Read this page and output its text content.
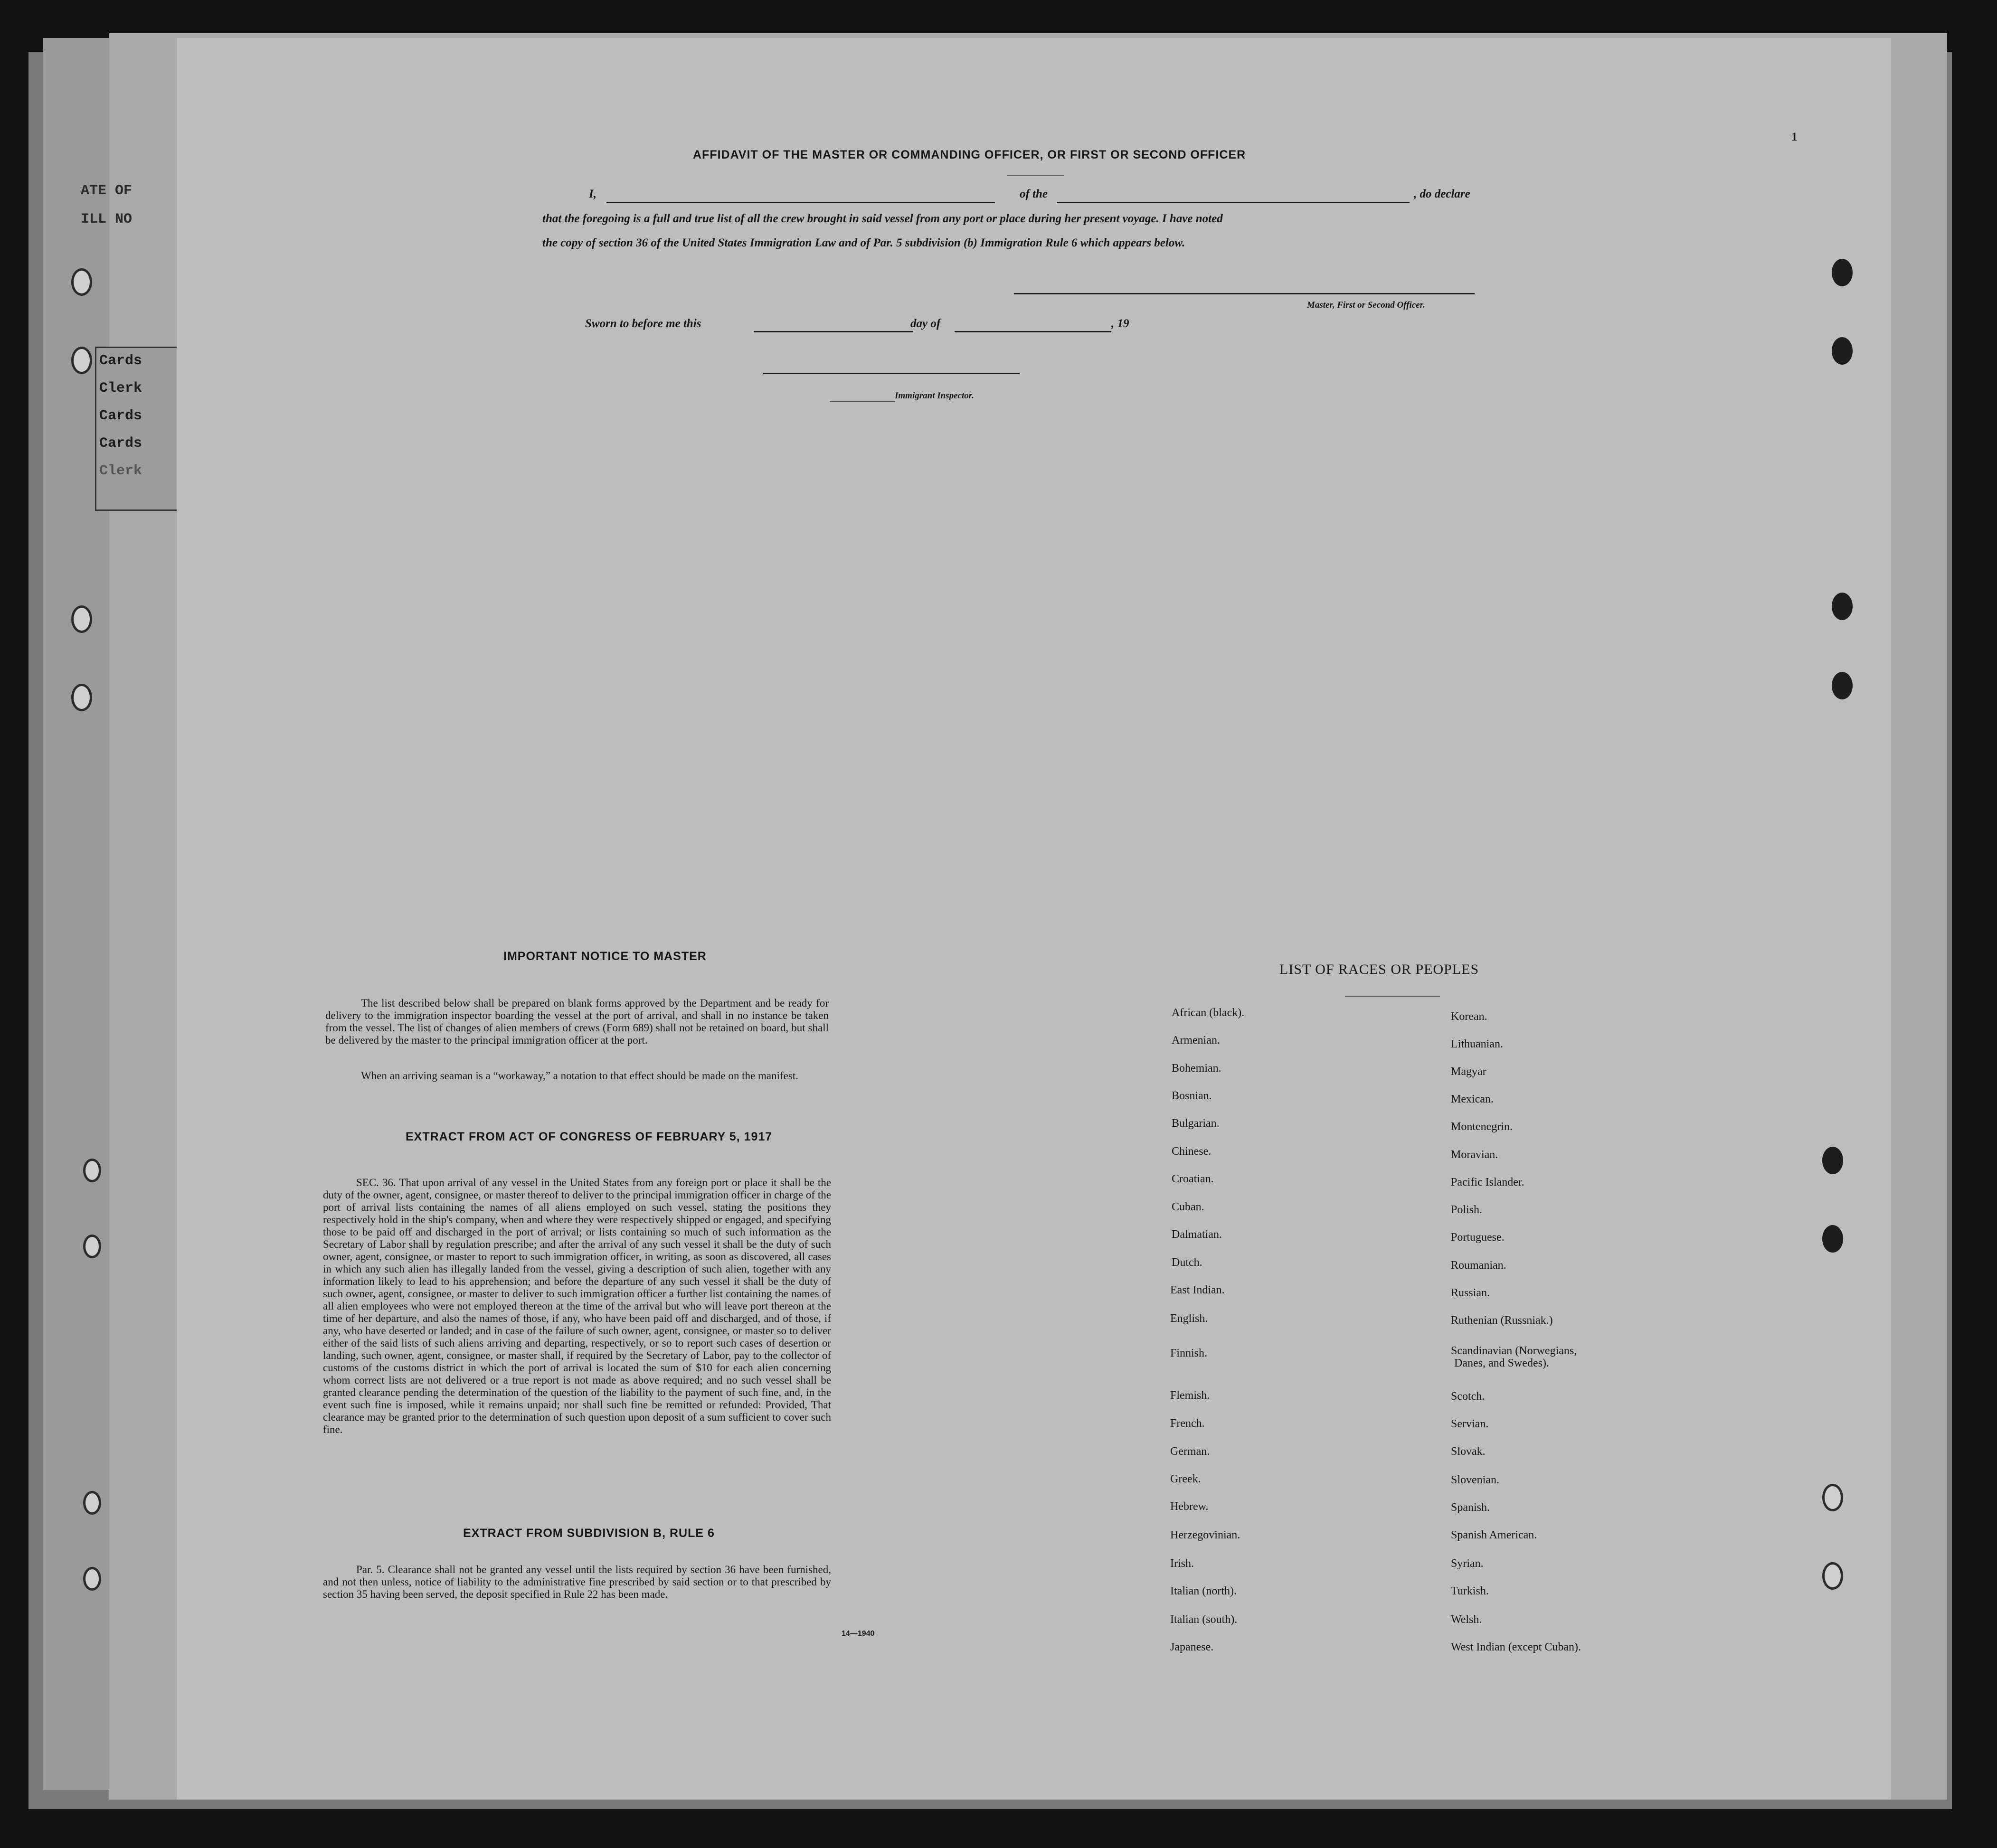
ATE OF
ILL NO
Cards
Clerk
Cards
Cards
Clerk
1
AFFIDAVIT OF THE MASTER OR COMMANDING OFFICER, OR FIRST OR SECOND OFFICER
I,	of the	, do declare
that the foregoing is a full and true list of all the crew brought in said vessel from any port or place during her present voyage. I have noted
the copy of section 36 of the United States Immigration Law and of Par. 5 subdivision (b) Immigration Rule 6 which appears below.
Master, First or Second Officer.
Sworn to before me this	day of	, 19
Immigrant Inspector.
IMPORTANT NOTICE TO MASTER
The list described below shall be prepared on blank forms approved by the Department and be ready for delivery to the immigration inspector boarding the vessel at the port of arrival, and shall in no instance be taken from the vessel. The list of changes of alien members of crews (Form 689) shall not be retained on board, but shall be delivered by the master to the principal immigration officer at the port.
When an arriving seaman is a “workaway,” a notation to that effect should be made on the manifest.
EXTRACT FROM ACT OF CONGRESS OF FEBRUARY 5, 1917
SEC. 36. That upon arrival of any vessel in the United States from any foreign port or place it shall be the duty of the owner, agent, consignee, or master thereof to deliver to the principal immigration officer in charge of the port of arrival lists containing the names of all aliens employed on such vessel, stating the positions they respectively hold in the ship's company, when and where they were respectively shipped or engaged, and specifying those to be paid off and discharged in the port of arrival; or lists containing so much of such information as the Secretary of Labor shall by regulation prescribe; and after the arrival of any such vessel it shall be the duty of such owner, agent, consignee, or master to report to such immigration officer, in writing, as soon as discovered, all cases in which any such alien has illegally landed from the vessel, giving a description of such alien, together with any information likely to lead to his apprehension; and before the departure of any such vessel it shall be the duty of such owner, agent, consignee, or master to deliver to such immigration officer a further list containing the names of all alien employees who were not employed thereon at the time of the arrival but who will leave port thereon at the time of her departure, and also the names of those, if any, who have been paid off and discharged, and of those, if any, who have deserted or landed; and in case of the failure of such owner, agent, consignee, or master so to deliver either of the said lists of such aliens arriving and departing, respectively, or so to report such cases of desertion or landing, such owner, agent, consignee, or master shall, if required by the Secretary of Labor, pay to the collector of customs of the customs district in which the port of arrival is located the sum of $10 for each alien concerning whom correct lists are not delivered or a true report is not made as above required; and no such vessel shall be granted clearance pending the determination of the question of the liability to the payment of such fine, and, in the event such fine is imposed, while it remains unpaid; nor shall such fine be remitted or refunded: Provided, That clearance may be granted prior to the determination of such question upon deposit of a sum sufficient to cover such fine.
EXTRACT FROM SUBDIVISION B, RULE 6
Par. 5. Clearance shall not be granted any vessel until the lists required by section 36 have been furnished, and not then unless, notice of liability to the administrative fine prescribed by said section or to that prescribed by section 35 having been served, the deposit specified in Rule 22 has been made.
14—1940
LIST OF RACES OR PEOPLES
African (black).
Armenian.
Bohemian.
Bosnian.
Bulgarian.
Chinese.
Croatian.
Cuban.
Dalmatian.
Dutch.
East Indian.
English.
Finnish.
Flemish.
French.
German.
Greek.
Hebrew.
Herzegovinian.
Irish.
Italian (north).
Italian (south).
Japanese.
Korean.
Lithuanian.
Magyar
Mexican.
Montenegrin.
Moravian.
Pacific Islander.
Polish.
Portuguese.
Roumanian.
Russian.
Ruthenian (Russniak.)
Scandinavian (Norwegians,
Danes, and Swedes).
Scotch.
Servian.
Slovak.
Slovenian.
Spanish.
Spanish American.
Syrian.
Turkish.
Welsh.
West Indian (except Cuban).
